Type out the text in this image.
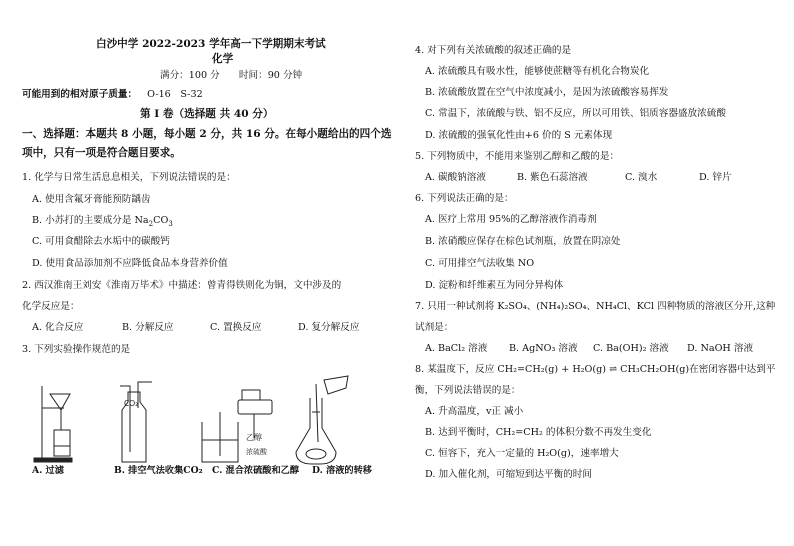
白沙中学 2022-2023 学年高一下学期期末考试
化学
满分：100 分　　时间：90 分钟
可能用到的相对原子质量： O-16　S-32
第 I 卷（选择题 共 40 分）
一、选择题：本题共 8 小题，每小题 2 分，共 16 分。在每小题给出的四个选
项中，只有一项是符合题目要求。
1. 化学与日常生活息息相关，下列说法错误的是：
A. 使用含氟牙膏能预防龋齿
B. 小苏打的主要成分是 $Na_2CO_3$
C. 可用食醋除去水垢中的碳酸钙
D. 使用食品添加剂不应降低食品本身营养价值
2. 西汉淮南王刘安《淮南万毕术》中描述：曾青得铁则化为铜，文中涉及的
化学反应是：
A. 化合反应	B. 分解反应	C. 置换反应	D. 复分解反应
3. 下列实验操作规范的是
CO₂
乙醇
浓硫酸
A. 过滤	B. 排空气法收集CO₂ C. 混合浓硫酸和乙醇 D. 溶液的转移
4. 对下列有关浓硫酸的叙述正确的是
A. 浓硫酸具有吸水性，能够使蔗糖等有机化合物炭化
B. 浓硫酸放置在空气中浓度减小，是因为浓硫酸容易挥发
C. 常温下，浓硫酸与铁、铝不反应，所以可用铁、铝质容器盛放浓硫酸
D. 浓硫酸的强氧化性由+6 价的 S 元素体现
5. 下列物质中，不能用来鉴别乙醇和乙酸的是：
A. 碳酸钠溶液	B. 紫色石蕊溶液	C. 溴水	D. 锌片
6. 下列说法正确的是：
A. 医疗上常用 95%的乙醇溶液作消毒剂
B. 浓硝酸应保存在棕色试剂瓶，放置在阴凉处
C. 可用排空气法收集 NO
D. 淀粉和纤维素互为同分异构体
7. 只用一种试剂将 K₂SO₄、(NH₄)₂SO₄、NH₄Cl、KCl 四种物质的溶液区分开,这种
试剂是：
A. BaCl₂ 溶液 B. AgNO₃ 溶液 C. Ba(OH)₂ 溶液 D. NaOH 溶液
8. 某温度下，反应 CH₂=CH₂(g) + H₂O(g) ⇌ CH₃CH₂OH(g)在密闭容器中达到平
衡，下列说法错误的是：
A. 升高温度，v正 减小
B. 达到平衡时，CH₂=CH₂ 的体积分数不再发生变化
C. 恒容下，充入一定量的 H₂O(g)，速率增大
D. 加入催化剂，可缩短到达平衡的时间
